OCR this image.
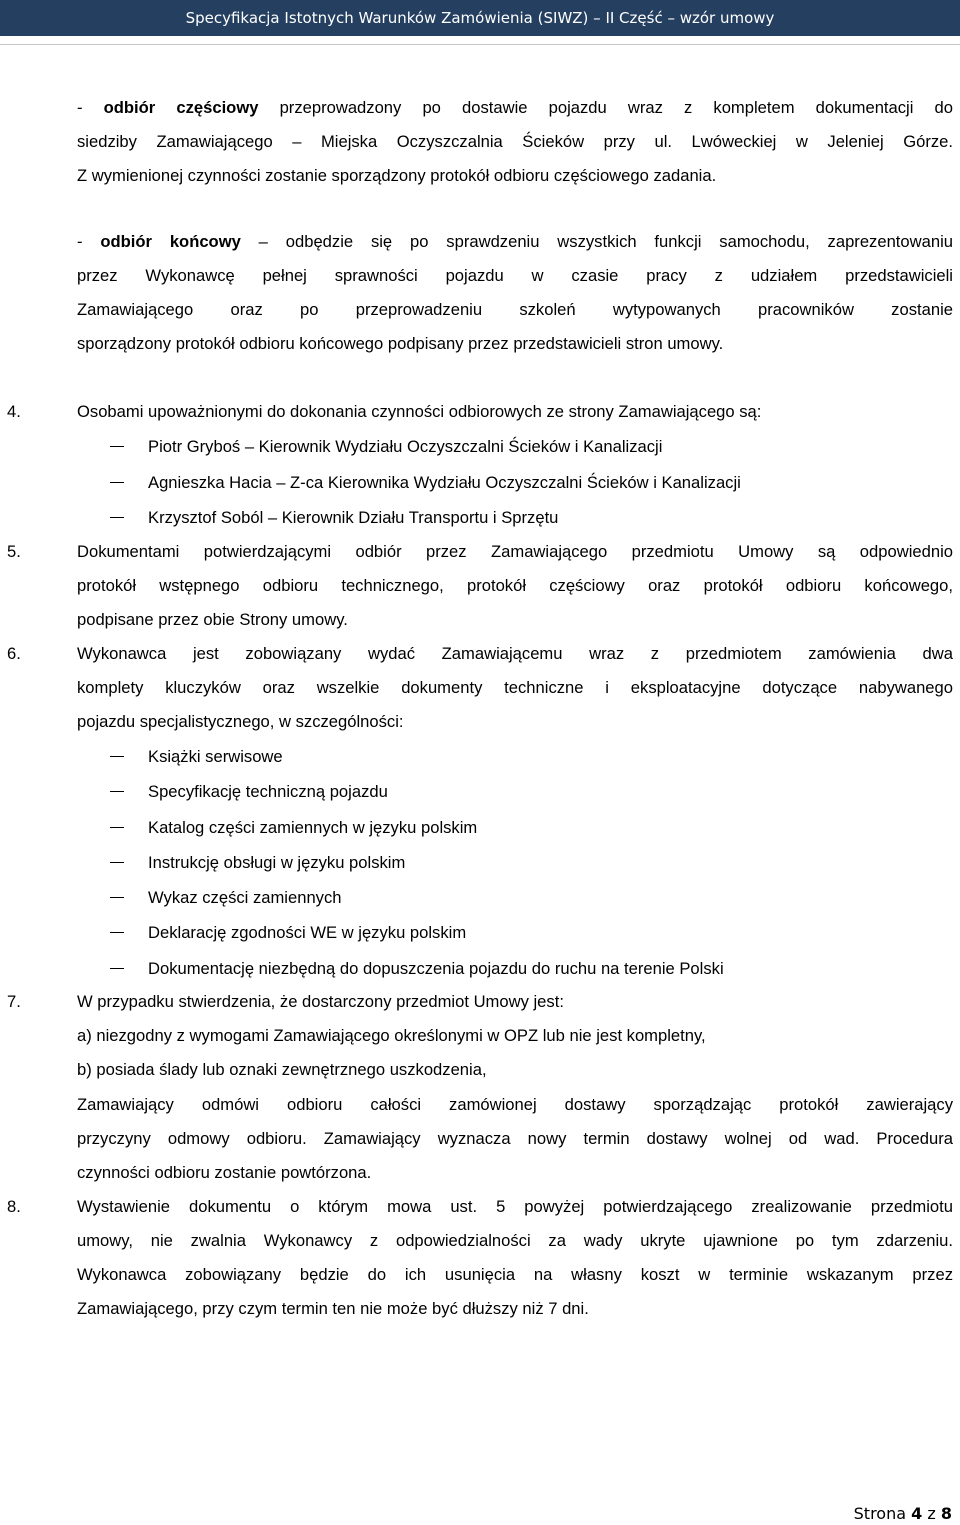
Specyfikacja Istotnych Warunków Zamówienia (SIWZ) – II Część – wzór umowy
- odbiór częściowy przeprowadzony po dostawie pojazdu wraz z kompletem dokumentacji do
siedziby Zamawiającego – Miejska Oczyszczalnia Ścieków przy ul. Lwóweckiej w Jeleniej Górze.
Z wymienionej czynności zostanie sporządzony protokół odbioru częściowego zadania.
- odbiór końcowy – odbędzie się po sprawdzeniu wszystkich funkcji samochodu, zaprezentowaniu
przez Wykonawcę pełnej sprawności pojazdu w czasie pracy z udziałem przedstawicieli
Zamawiającego oraz po przeprowadzeniu szkoleń wytypowanych pracowników zostanie
sporządzony protokół odbioru końcowego podpisany przez przedstawicieli stron umowy.
4.	Osobami upoważnionymi do dokonania czynności odbiorowych ze strony Zamawiającego są:
Piotr Gryboś – Kierownik Wydziału Oczyszczalni Ścieków i Kanalizacji
Agnieszka Hacia – Z-ca Kierownika Wydziału Oczyszczalni Ścieków i Kanalizacji
Krzysztof Soból – Kierownik Działu Transportu i Sprzętu
5.	Dokumentami potwierdzającymi odbiór przez Zamawiającego przedmiotu Umowy są odpowiednio
protokół wstępnego odbioru technicznego, protokół częściowy oraz protokół odbioru końcowego,
podpisane przez obie Strony umowy.
6.	Wykonawca jest zobowiązany wydać Zamawiającemu wraz z przedmiotem zamówienia dwa
komplety kluczyków oraz wszelkie dokumenty techniczne i eksploatacyjne dotyczące nabywanego
pojazdu specjalistycznego, w szczególności:
Książki serwisowe
Specyfikację techniczną pojazdu
Katalog części zamiennych w języku polskim
Instrukcję obsługi w języku polskim
Wykaz części zamiennych
Deklarację zgodności WE w języku polskim
Dokumentację niezbędną do dopuszczenia pojazdu do ruchu na terenie Polski
7.	W przypadku stwierdzenia, że dostarczony przedmiot Umowy jest:
a) niezgodny z wymogami Zamawiającego określonymi w OPZ lub nie jest kompletny,
b) posiada ślady lub oznaki zewnętrznego uszkodzenia,
Zamawiający odmówi odbioru całości zamówionej dostawy sporządzając protokół zawierający
przyczyny odmowy odbioru. Zamawiający wyznacza nowy termin dostawy wolnej od wad. Procedura
czynności odbioru zostanie powtórzona.
8.	Wystawienie dokumentu o którym mowa ust. 5 powyżej potwierdzającego zrealizowanie przedmiotu
umowy, nie zwalnia Wykonawcy z odpowiedzialności za wady ukryte ujawnione po tym zdarzeniu.
Wykonawca zobowiązany będzie do ich usunięcia na własny koszt w terminie wskazanym przez
Zamawiającego, przy czym termin ten nie może być dłuższy niż 7 dni.
Strona 4 z 8
